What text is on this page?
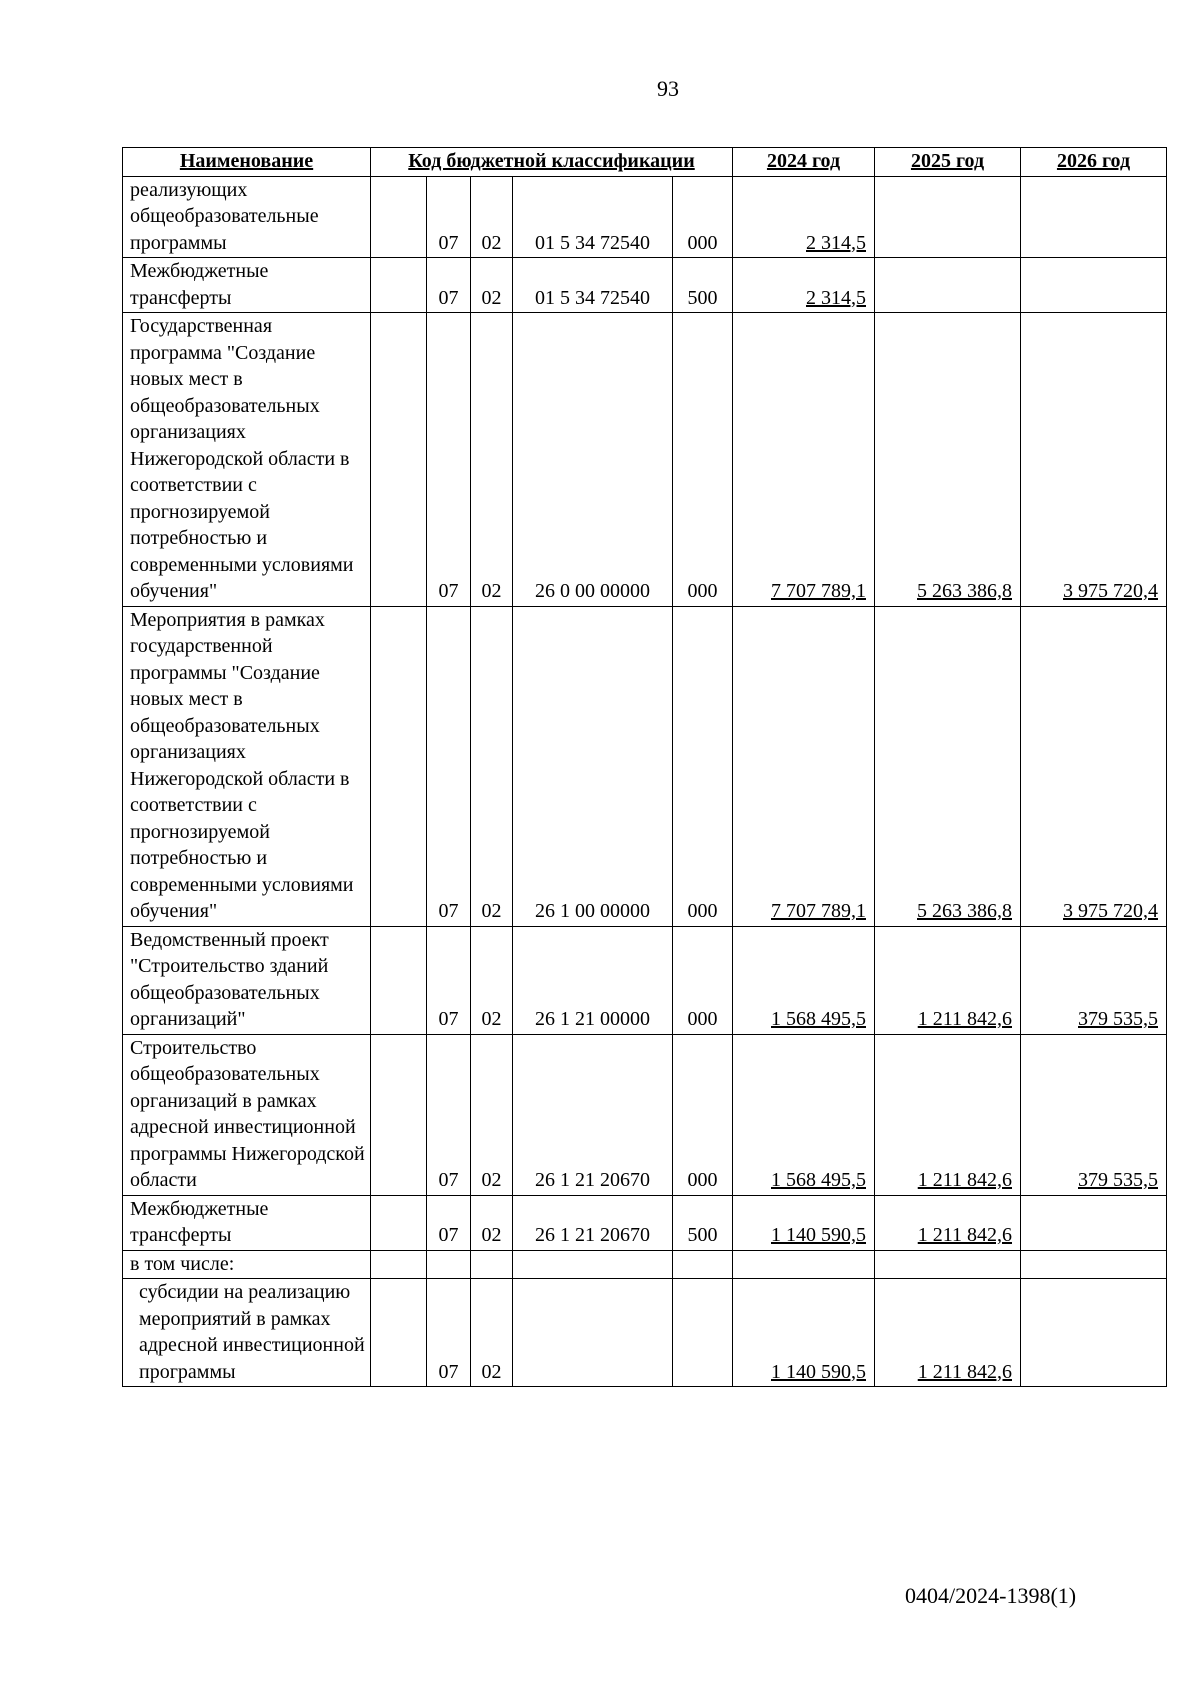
93
Наименование	Код бюджетной классификации					2024 год	2025 год	2026 год
реализующих общеобразовательные программы		07	02	01 5 34 72540	000	2 314,5		
Межбюджетные трансферты		07	02	01 5 34 72540	500	2 314,5		
Государственная программа "Создание новых мест в общеобразовательных организациях Нижегородской области в соответствии с прогнозируемой потребностью и современными условиями обучения"		07	02	26 0 00 00000	000	7 707 789,1	5 263 386,8	3 975 720,4
Мероприятия в рамках государственной программы "Создание новых мест в общеобразовательных организациях Нижегородской области в соответствии с прогнозируемой потребностью и современными условиями обучения"		07	02	26 1 00 00000	000	7 707 789,1	5 263 386,8	3 975 720,4
Ведомственный проект "Строительство зданий общеобразовательных организаций"		07	02	26 1 21 00000	000	1 568 495,5	1 211 842,6	379 535,5
Строительство общеобразовательных организаций в рамках адресной инвестиционной программы Нижегородской области		07	02	26 1 21 20670	000	1 568 495,5	1 211 842,6	379 535,5
Межбюджетные трансферты		07	02	26 1 21 20670	500	1 140 590,5	1 211 842,6	
в том числе:								
субсидии на реализацию мероприятий в рамках адресной инвестиционной программы		07	02			1 140 590,5	1 211 842,6	
0404/2024-1398(1)
